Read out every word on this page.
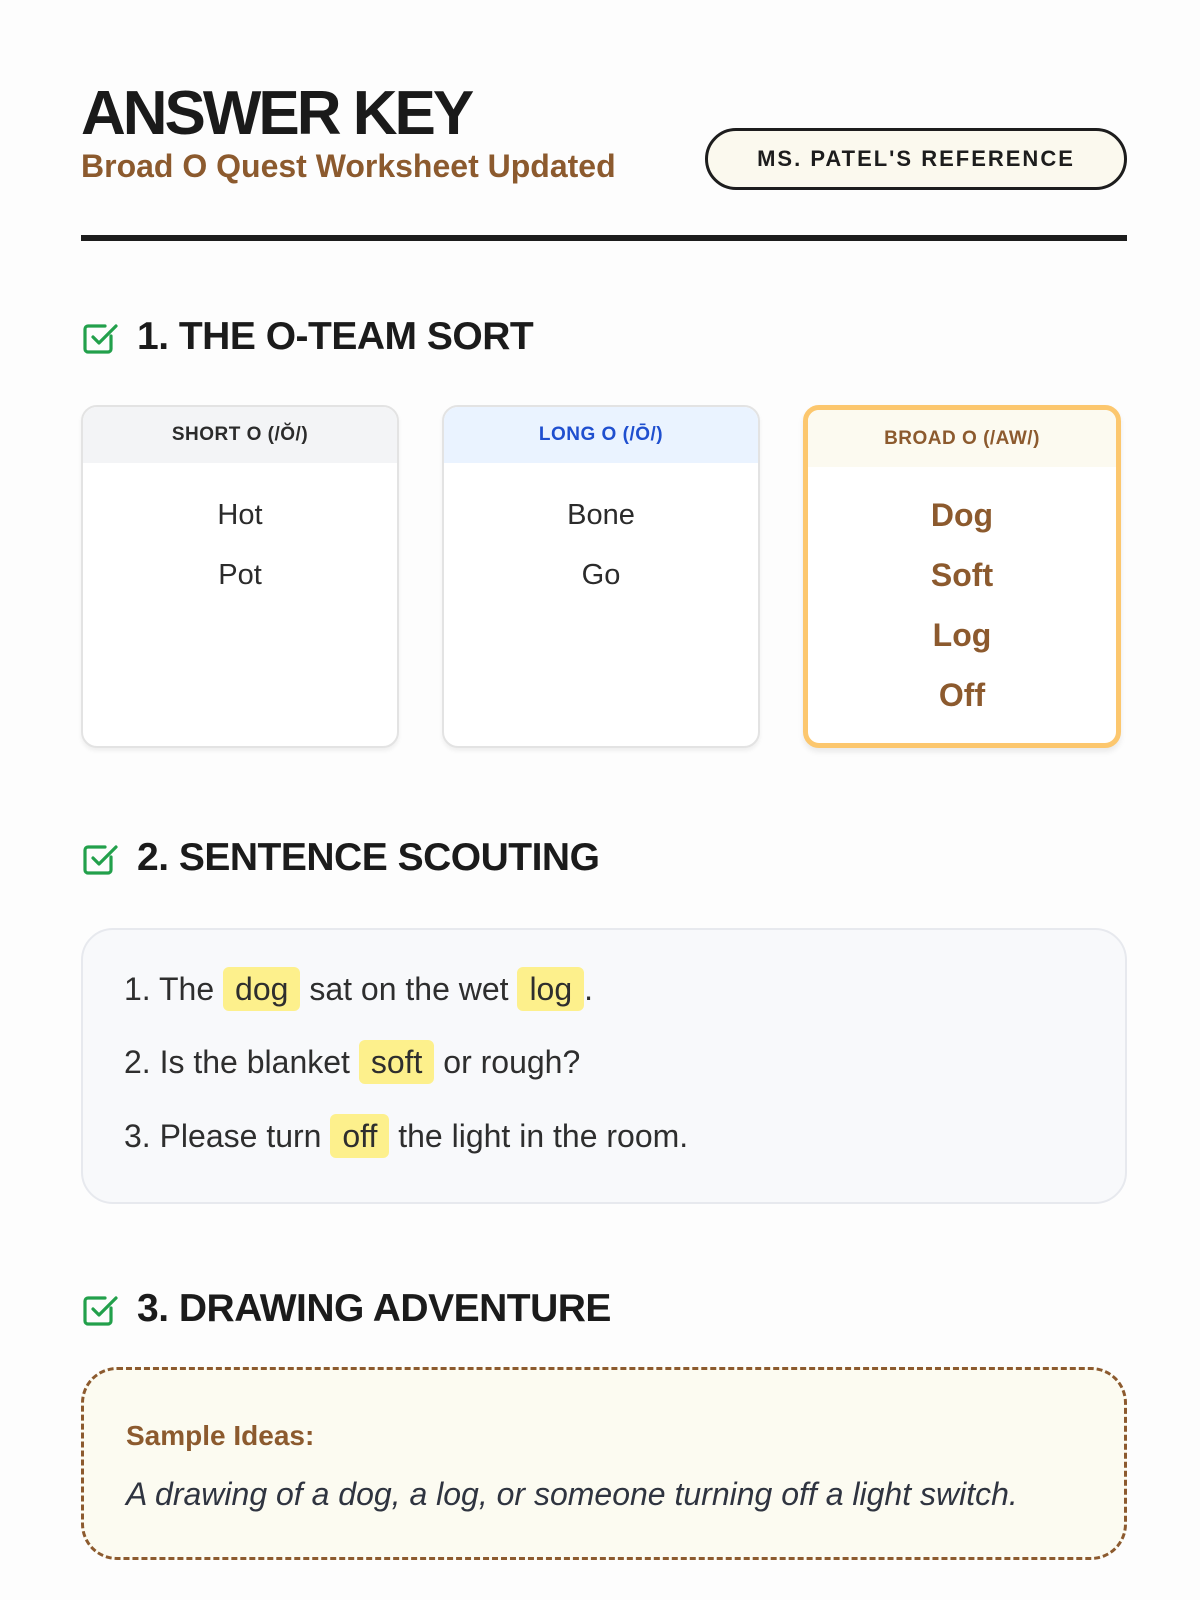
ANSWER KEY
Broad O Quest Worksheet Updated	MS. PATEL'S REFERENCE
1. THE O-TEAM SORT
SHORT O (/Ŏ/)
Hot
Pot
LONG O (/Ō/)
Bone
Go
BROAD O (/AW/)
Dog
Soft
Log
Off
2. SENTENCE SCOUTING
1. The dog sat on the wet log .
2. Is the blanket soft or rough?
3. Please turn off the light in the room.
3. DRAWING ADVENTURE
Sample Ideas:
A drawing of a dog, a log, or someone turning off a light switch.
